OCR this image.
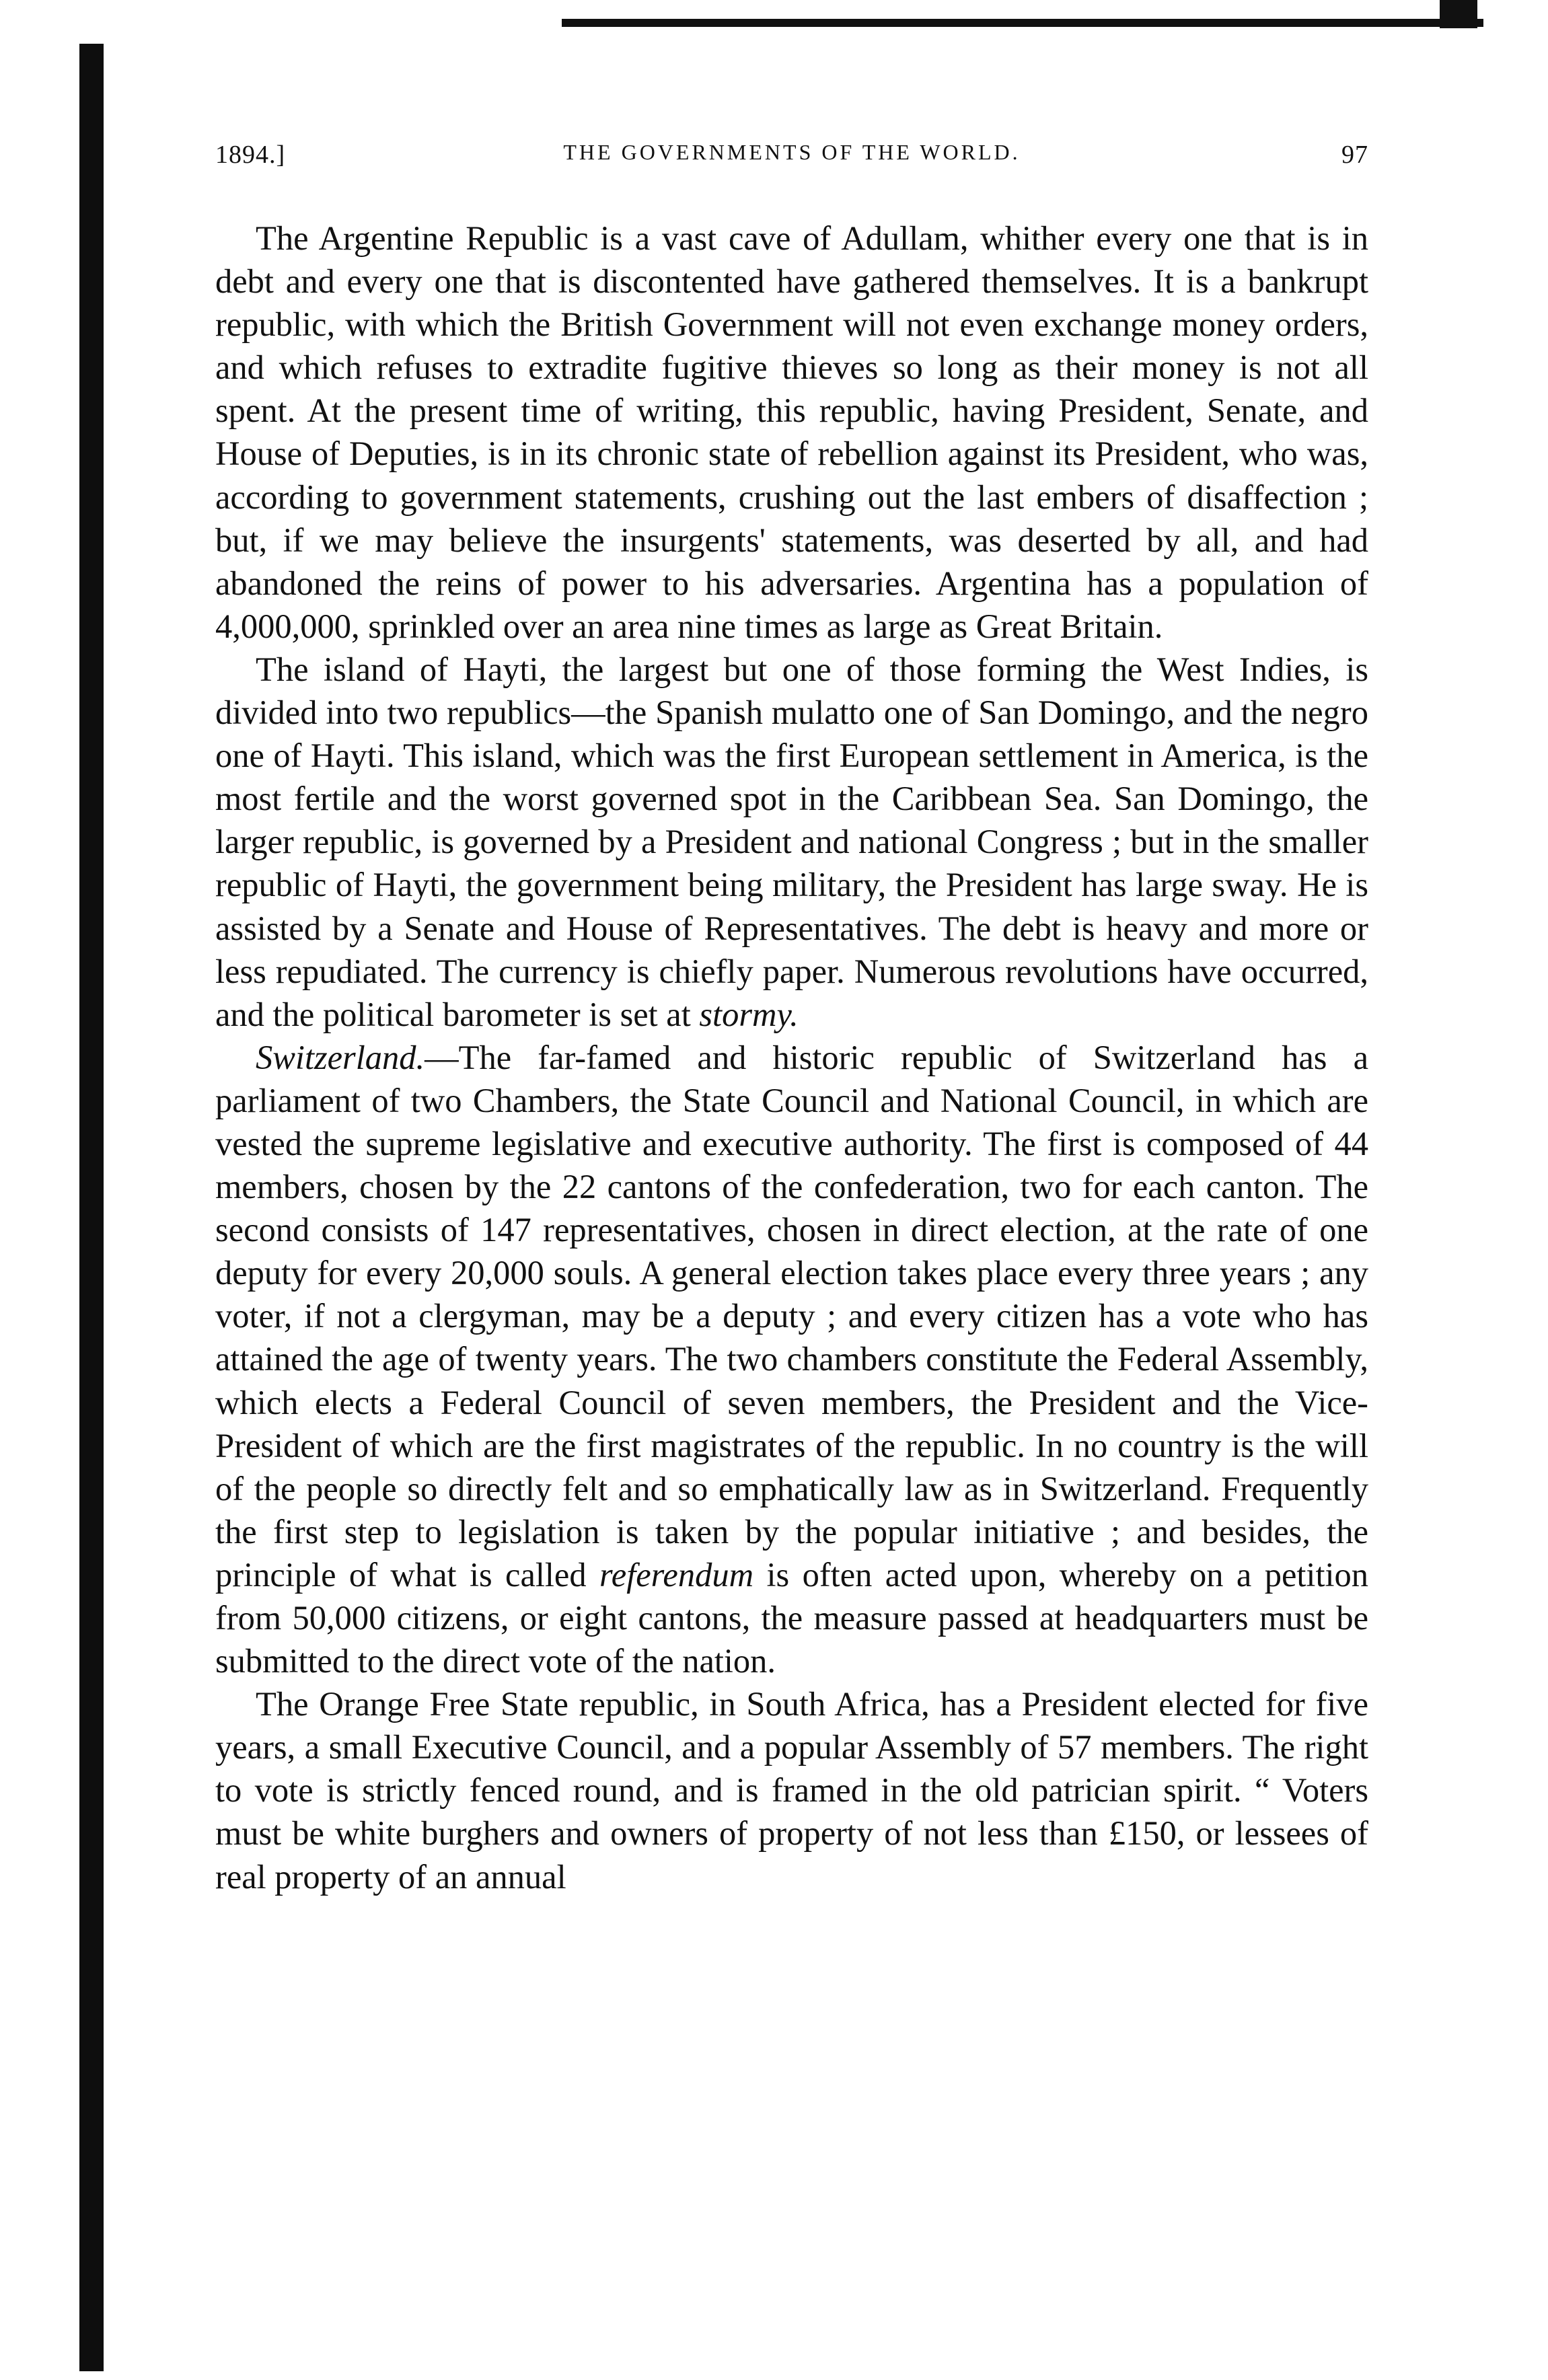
1894.]	THE GOVERNMENTS OF THE WORLD.	97

The Argentine Republic is a vast cave of Adullam, whither every one that is in debt and every one that is discontented have gathered themselves. It is a bankrupt republic, with which the British Government will not even exchange money orders, and which refuses to extradite fugitive thieves so long as their money is not all spent. At the present time of writing, this republic, having President, Senate, and House of Deputies, is in its chronic state of rebellion against its President, who was, according to government statements, crushing out the last embers of disaffection ; but, if we may believe the insurgents' statements, was deserted by all, and had abandoned the reins of power to his adversaries. Argentina has a population of 4,000,000, sprinkled over an area nine times as large as Great Britain.

The island of Hayti, the largest but one of those forming the West Indies, is divided into two republics—the Spanish mulatto one of San Domingo, and the negro one of Hayti. This island, which was the first European settlement in America, is the most fertile and the worst governed spot in the Caribbean Sea. San Domingo, the larger republic, is governed by a President and national Congress ; but in the smaller republic of Hayti, the government being military, the President has large sway. He is assisted by a Senate and House of Representatives. The debt is heavy and more or less repudiated. The currency is chiefly paper. Numerous revolutions have occurred, and the political barometer is set at stormy.

Switzerland.—The far-famed and historic republic of Switzerland has a parliament of two Chambers, the State Council and National Council, in which are vested the supreme legislative and executive authority. The first is composed of 44 members, chosen by the 22 cantons of the confederation, two for each canton. The second consists of 147 representatives, chosen in direct election, at the rate of one deputy for every 20,000 souls. A general election takes place every three years ; any voter, if not a clergyman, may be a deputy ; and every citizen has a vote who has attained the age of twenty years. The two chambers constitute the Federal Assembly, which elects a Federal Council of seven members, the President and the Vice-President of which are the first magistrates of the republic. In no country is the will of the people so directly felt and so emphatically law as in Switzerland. Frequently the first step to legislation is taken by the popular initiative ; and besides, the principle of what is called referendum is often acted upon, whereby on a petition from 50,000 citizens, or eight cantons, the measure passed at headquarters must be submitted to the direct vote of the nation.

The Orange Free State republic, in South Africa, has a President elected for five years, a small Executive Council, and a popular Assembly of 57 members. The right to vote is strictly fenced round, and is framed in the old patrician spirit. “ Voters must be white burghers and owners of property of not less than £150, or lessees of real property of an annual
